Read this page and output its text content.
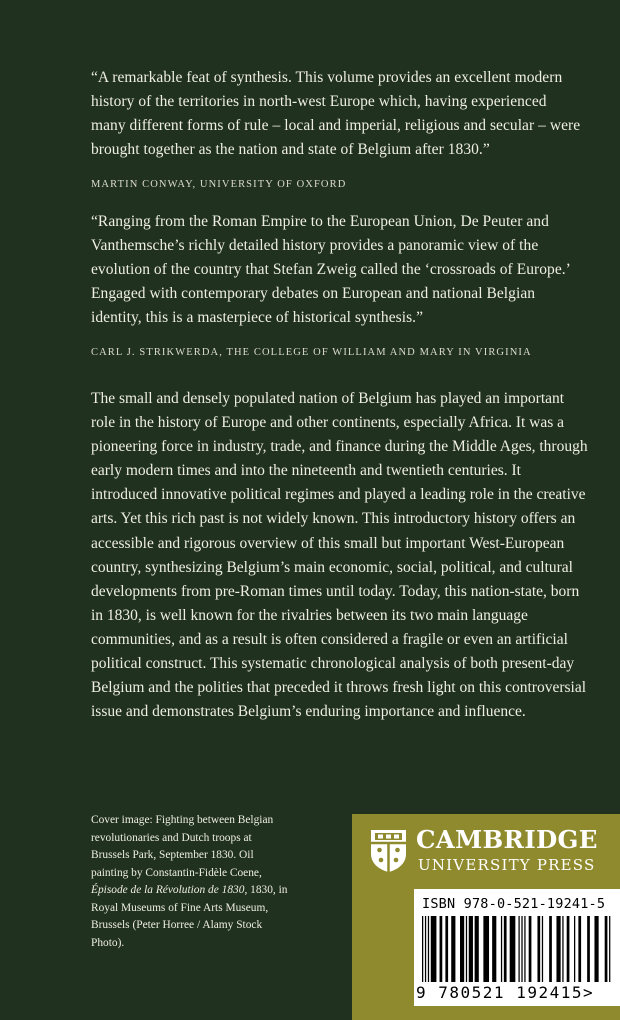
“A remarkable feat of synthesis. This volume provides an excellent modern history of the territories in north-west Europe which, having experienced many different forms of rule – local and imperial, religious and secular – were brought together as the nation and state of Belgium after 1830.”

MARTIN CONWAY, UNIVERSITY OF OXFORD

“Ranging from the Roman Empire to the European Union, De Peuter and Vanthemsche’s richly detailed history provides a panoramic view of the evolution of the country that Stefan Zweig called the ‘crossroads of Europe.’ Engaged with contemporary debates on European and national Belgian identity, this is a masterpiece of historical synthesis.”

CARL J. STRIKWERDA, THE COLLEGE OF WILLIAM AND MARY IN VIRGINIA

The small and densely populated nation of Belgium has played an important role in the history of Europe and other continents, especially Africa. It was a pioneering force in industry, trade, and finance during the Middle Ages, through early modern times and into the nineteenth and twentieth centuries. It introduced innovative political regimes and played a leading role in the creative arts. Yet this rich past is not widely known. This introductory history offers an accessible and rigorous overview of this small but important West-European country, synthesizing Belgium’s main economic, social, political, and cultural developments from pre-Roman times until today. Today, this nation-state, born in 1830, is well known for the rivalries between its two main language communities, and as a result is often considered a fragile or even an artificial political construct. This systematic chronological analysis of both present-day Belgium and the polities that preceded it throws fresh light on this controversial issue and demonstrates Belgium’s enduring importance and influence.

Cover image: Fighting between Belgian revolutionaries and Dutch troops at Brussels Park, September 1830. Oil painting by Constantin-Fidèle Coene, Épisode de la Révolution de 1830, 1830, in Royal Museums of Fine Arts Museum, Brussels (Peter Horree / Alamy Stock Photo).

CAMBRIDGE
UNIVERSITY PRESS
ISBN 978-0-521-19241-5
9 780521 192415>
